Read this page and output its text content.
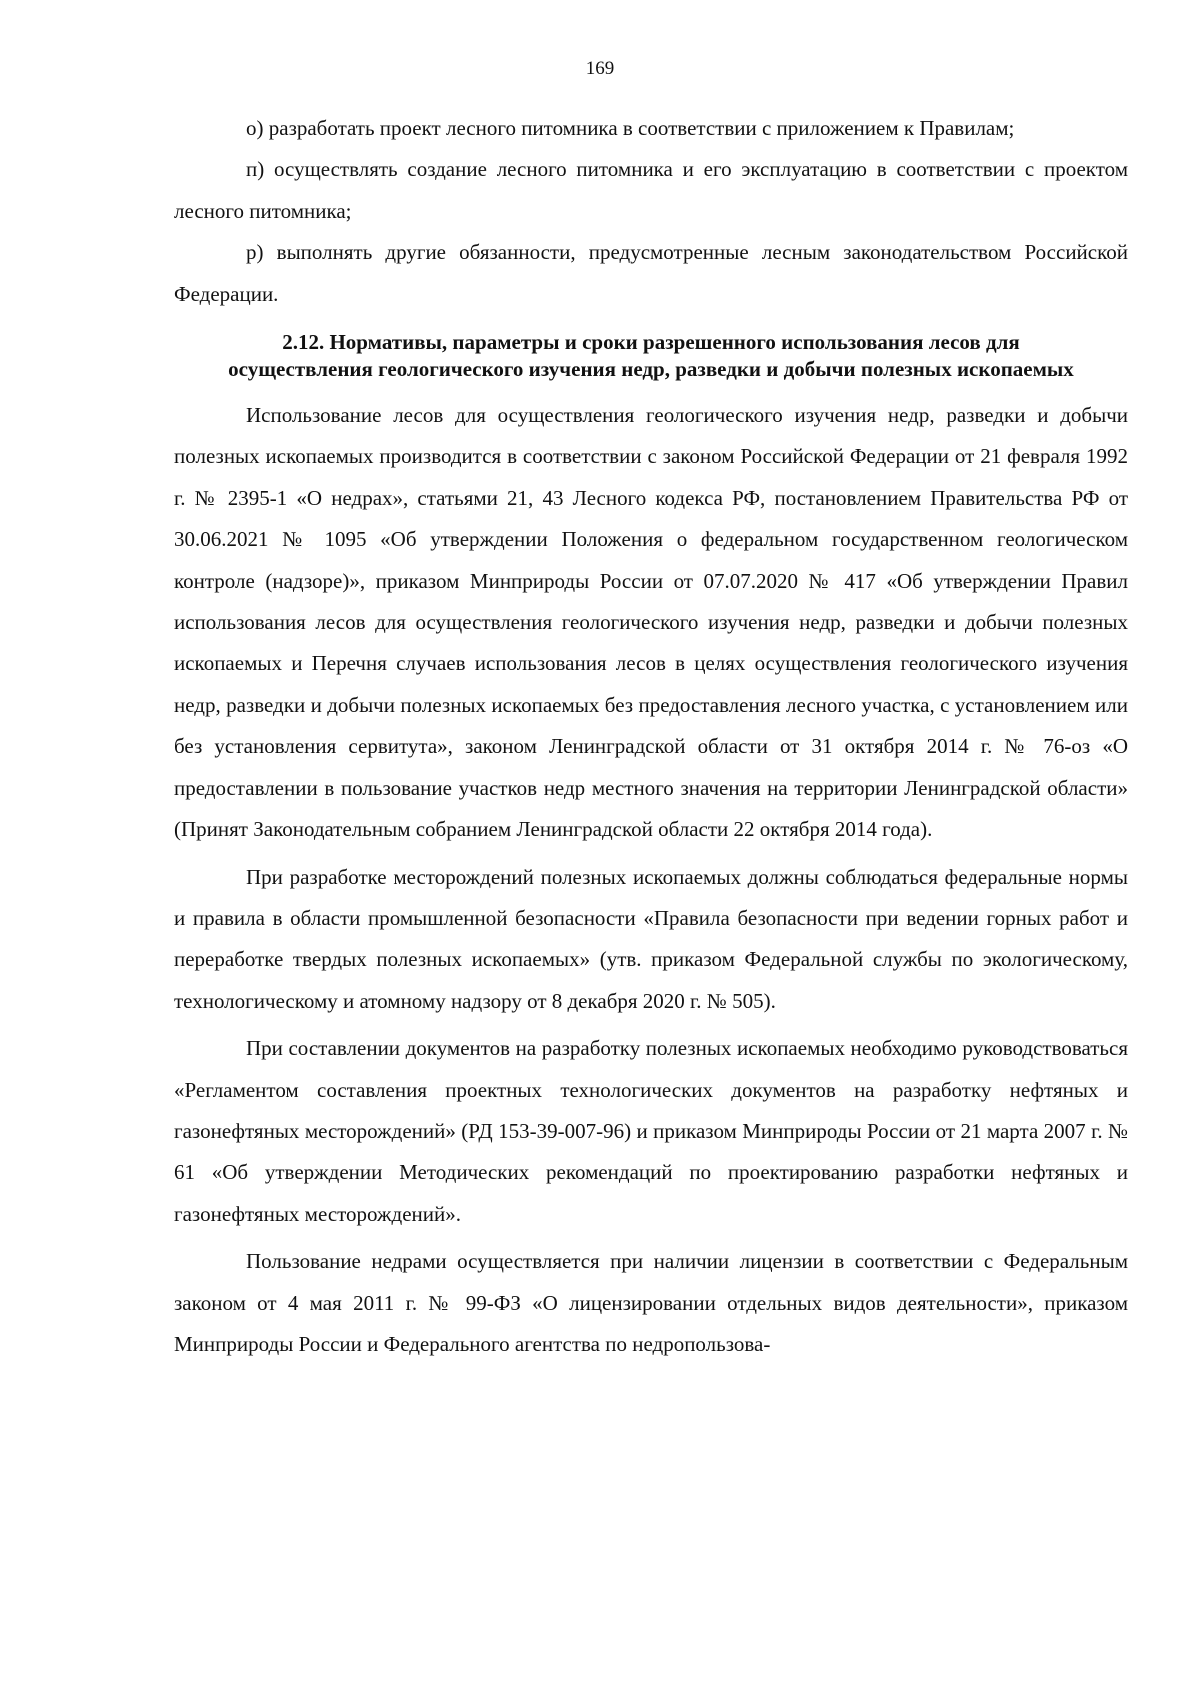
169

о) разработать проект лесного питомника в соответствии с приложением к Правилам;

п) осуществлять создание лесного питомника и его эксплуатацию в соответствии с проектом лесного питомника;

р) выполнять другие обязанности, предусмотренные лесным законодательством Российской Федерации.

2.12. Нормативы, параметры и сроки разрешенного использования лесов для осуществления геологического изучения недр, разведки и добычи полезных ископаемых

Использование лесов для осуществления геологического изучения недр, разведки и добычи полезных ископаемых производится в соответствии с законом Российской Федерации от 21 февраля 1992 г. № 2395-1 «О недрах», статьями 21, 43 Лесного кодекса РФ, постановлением Правительства РФ от 30.06.2021 № 1095 «Об утверждении Положения о федеральном государственном геологическом контроле (надзоре)», приказом Минприроды России от 07.07.2020 № 417 «Об утверждении Правил использования лесов для осуществления геологического изучения недр, разведки и добычи полезных ископаемых и Перечня случаев использования лесов в целях осуществления геологического изучения недр, разведки и добычи полезных ископаемых без предоставления лесного участка, с установлением или без установления сервитута», законом Ленинградской области от 31 октября 2014 г. № 76-оз «О предоставлении в пользование участков недр местного значения на территории Ленинградской области» (Принят Законодательным собранием Ленинградской области 22 октября 2014 года).

При разработке месторождений полезных ископаемых должны соблюдаться федеральные нормы и правила в области промышленной безопасности «Правила безопасности при ведении горных работ и переработке твердых полезных ископаемых» (утв. приказом Федеральной службы по экологическому, технологическому и атомному надзору от 8 декабря 2020 г. № 505).

При составлении документов на разработку полезных ископаемых необходимо руководствоваться «Регламентом составления проектных технологических документов на разработку нефтяных и газонефтяных месторождений» (РД 153-39-007-96) и приказом Минприроды России от 21 марта 2007 г. № 61 «Об утверждении Методических рекомендаций по проектированию разработки нефтяных и газонефтяных месторождений».

Пользование недрами осуществляется при наличии лицензии в соответствии с Федеральным законом от 4 мая 2011 г. № 99-ФЗ «О лицензировании отдельных видов деятельности», приказом Минприроды России и Федерального агентства по недропользова-
